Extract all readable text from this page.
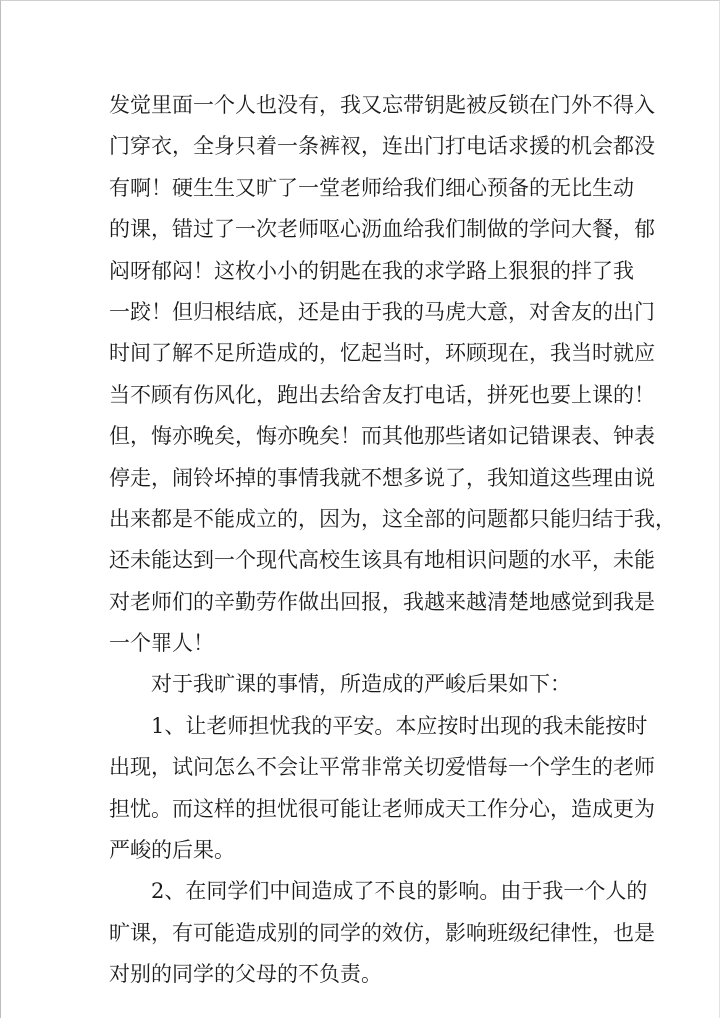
发觉里面一个人也没有，我又忘带钥匙被反锁在门外不得入
门穿衣，全身只着一条裤衩，连出门打电话求援的机会都没
有啊！硬生生又旷了一堂老师给我们细心预备的无比生动
的课，错过了一次老师呕心沥血给我们制做的学问大餐，郁
闷呀郁闷！这枚小小的钥匙在我的求学路上狠狠的拌了我
一跤！但归根结底，还是由于我的马虎大意，对舍友的出门
时间了解不足所造成的，忆起当时，环顾现在，我当时就应
当不顾有伤风化，跑出去给舍友打电话，拼死也要上课的！
但，悔亦晚矣，悔亦晚矣！而其他那些诸如记错课表、钟表
停走，闹铃坏掉的事情我就不想多说了，我知道这些理由说
出来都是不能成立的，因为，这全部的问题都只能归结于我，
还未能达到一个现代高校生该具有地相识问题的水平，未能
对老师们的辛勤劳作做出回报，我越来越清楚地感觉到我是
一个罪人！
对于我旷课的事情，所造成的严峻后果如下：
1、让老师担忧我的平安。本应按时出现的我未能按时
出现，试问怎么不会让平常非常关切爱惜每一个学生的老师
担忧。而这样的担忧很可能让老师成天工作分心，造成更为
严峻的后果。
2、在同学们中间造成了不良的影响。由于我一个人的
旷课，有可能造成别的同学的效仿，影响班级纪律性，也是
对别的同学的父母的不负责。
